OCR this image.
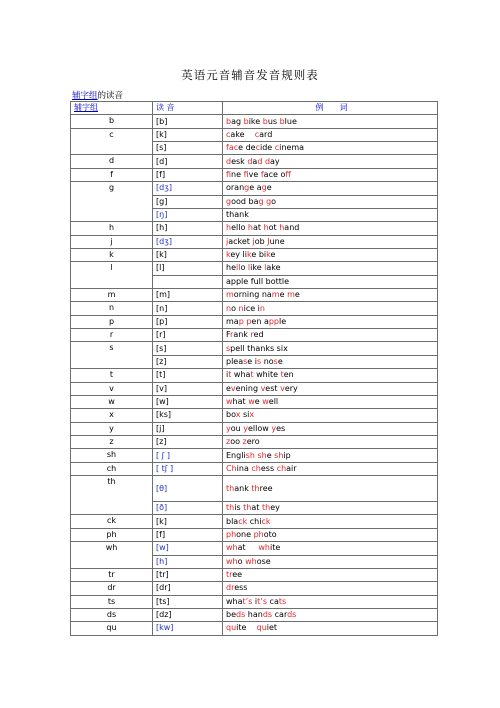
英语元音辅音发音规则表
辅字组的读音
辅字组	读 音	例　　词
b	[b]	bag bike bus blue
c	[k]	cake card
	[s]	face decide cinema
d	[d]	desk dad day
f	[f]	fine five face off
g	[dʒ]	orange age
	[g]	good bag go
	[ŋ]	thank
h	[h]	hello hat hot hand
j	[dʒ]	jacket job June
k	[k]	key like bike
l	[l]	hello like lake
		apple full bottle
m	[m]	morning name me
n	[n]	no nice in
p	[p]	map pen apple
r	[r]	Frank red
s	[s]	spell thanks six
	[z]	please is nose
t	[t]	it what white ten
v	[v]	evening vest very
w	[w]	what we well
x	[ks]	box six
y	[j]	you yellow yes
z	[z]	zoo zero
sh	[ ʃ ]	English she ship
ch	[ tʃ ]	China chess chair
th	[θ]	thank three
	[ð]	this that they
ck	[k]	black chick
ph	[f]	phone photo
wh	[w]	what white
	[h]	who whose
tr	[tr]	tree
dr	[dr]	dress
ts	[ts]	what’s it’s cats
ds	[dz]	beds hands cards
qu	[kw]	quite quiet
